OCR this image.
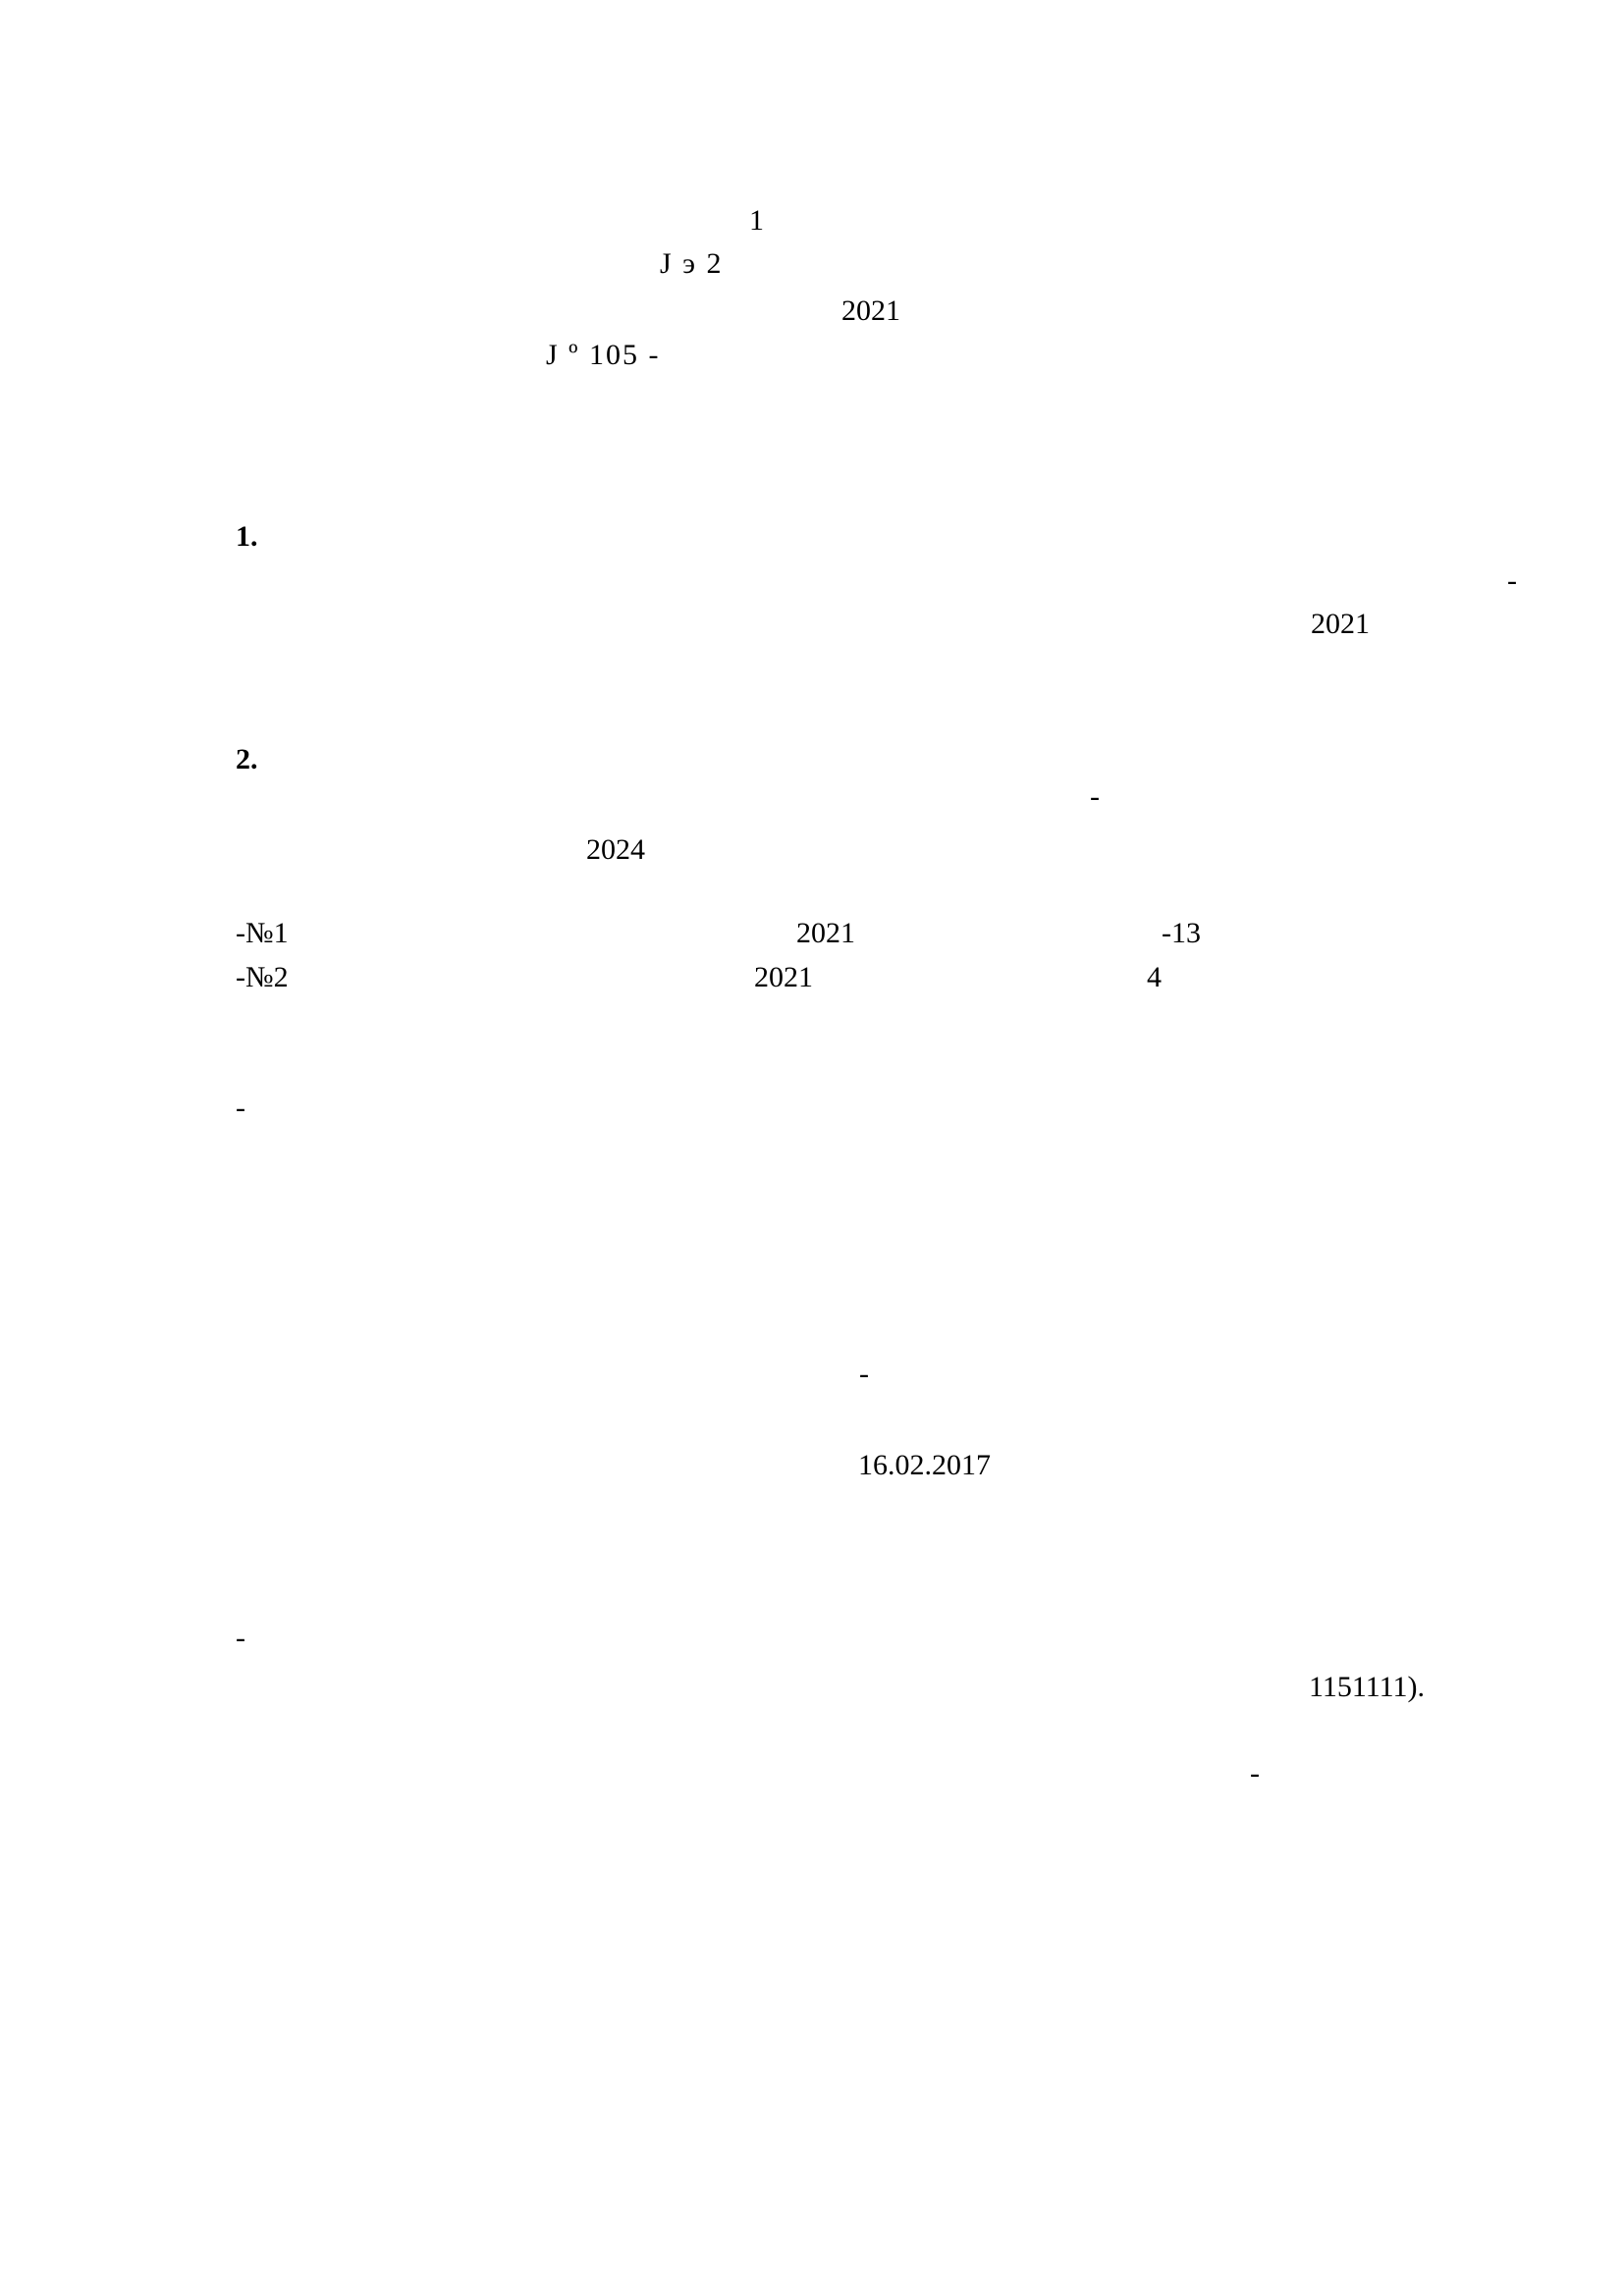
1
Ј э 2
2021
Ј º 105 -
1.
-
2021
2.
-
2024
-№1	2021	-13
-№2	2021	4
-
-
16.02.2017
-
1151111).
-
